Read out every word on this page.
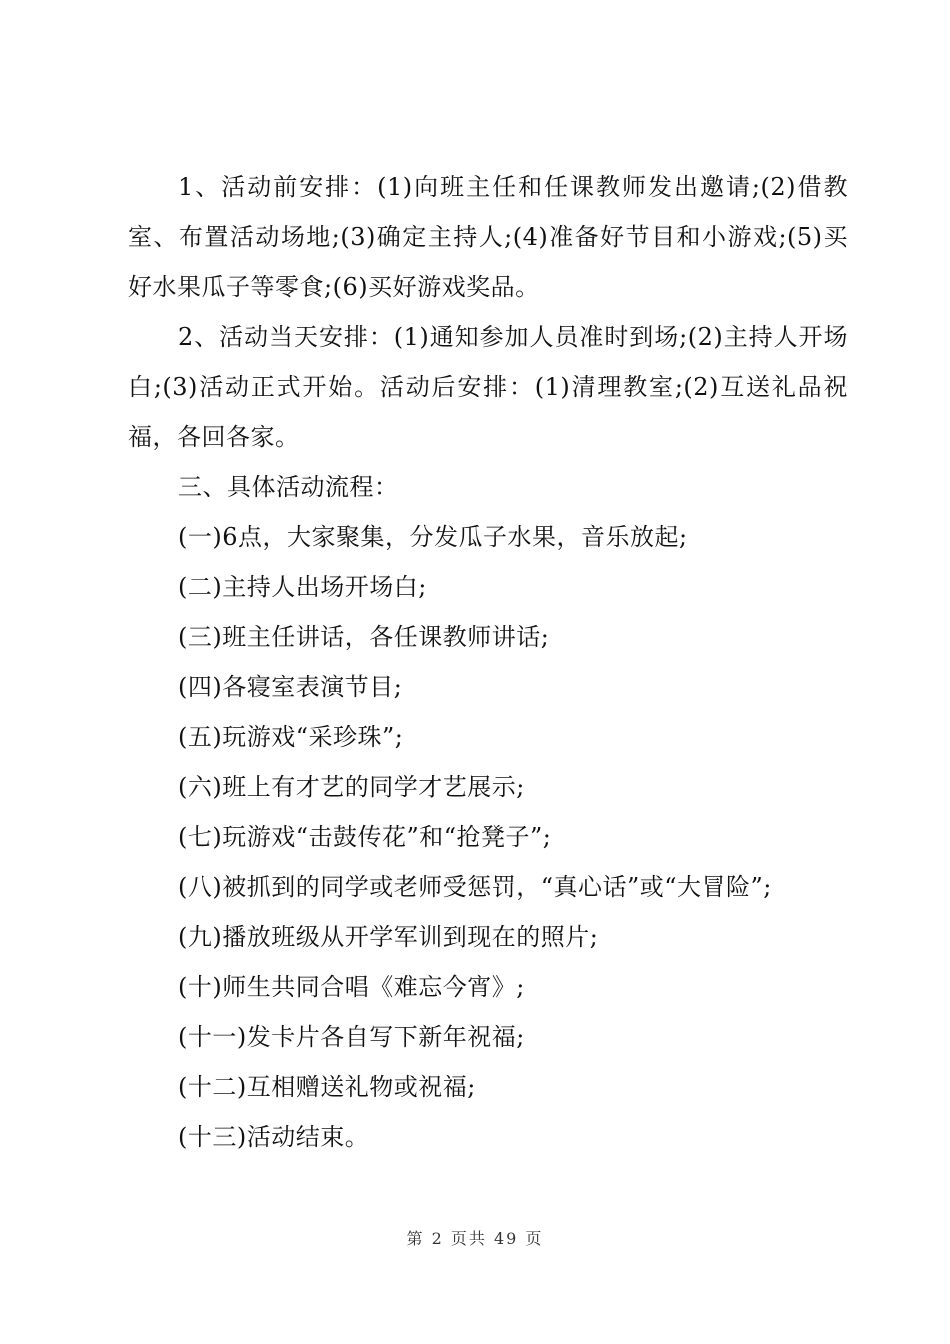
1、活动前安排：(1)向班主任和任课教师发出邀请;(2)借教室、布置活动场地;(3)确定主持人;(4)准备好节目和小游戏;(5)买好水果瓜子等零食;(6)买好游戏奖品。

2、活动当天安排：(1)通知参加人员准时到场;(2)主持人开场白;(3)活动正式开始。活动后安排：(1)清理教室;(2)互送礼品祝福，各回各家。

三、具体活动流程：

(一)6点，大家聚集，分发瓜子水果，音乐放起;

(二)主持人出场开场白;

(三)班主任讲话，各任课教师讲话;

(四)各寝室表演节目;

(五)玩游戏“采珍珠”;

(六)班上有才艺的同学才艺展示;

(七)玩游戏“击鼓传花”和“抢凳子”;

(八)被抓到的同学或老师受惩罚，“真心话”或“大冒险”;

(九)播放班级从开学军训到现在的照片;

(十)师生共同合唱《难忘今宵》;

(十一)发卡片各自写下新年祝福;

(十二)互相赠送礼物或祝福;

(十三)活动结束。

第 2 页共 49 页
